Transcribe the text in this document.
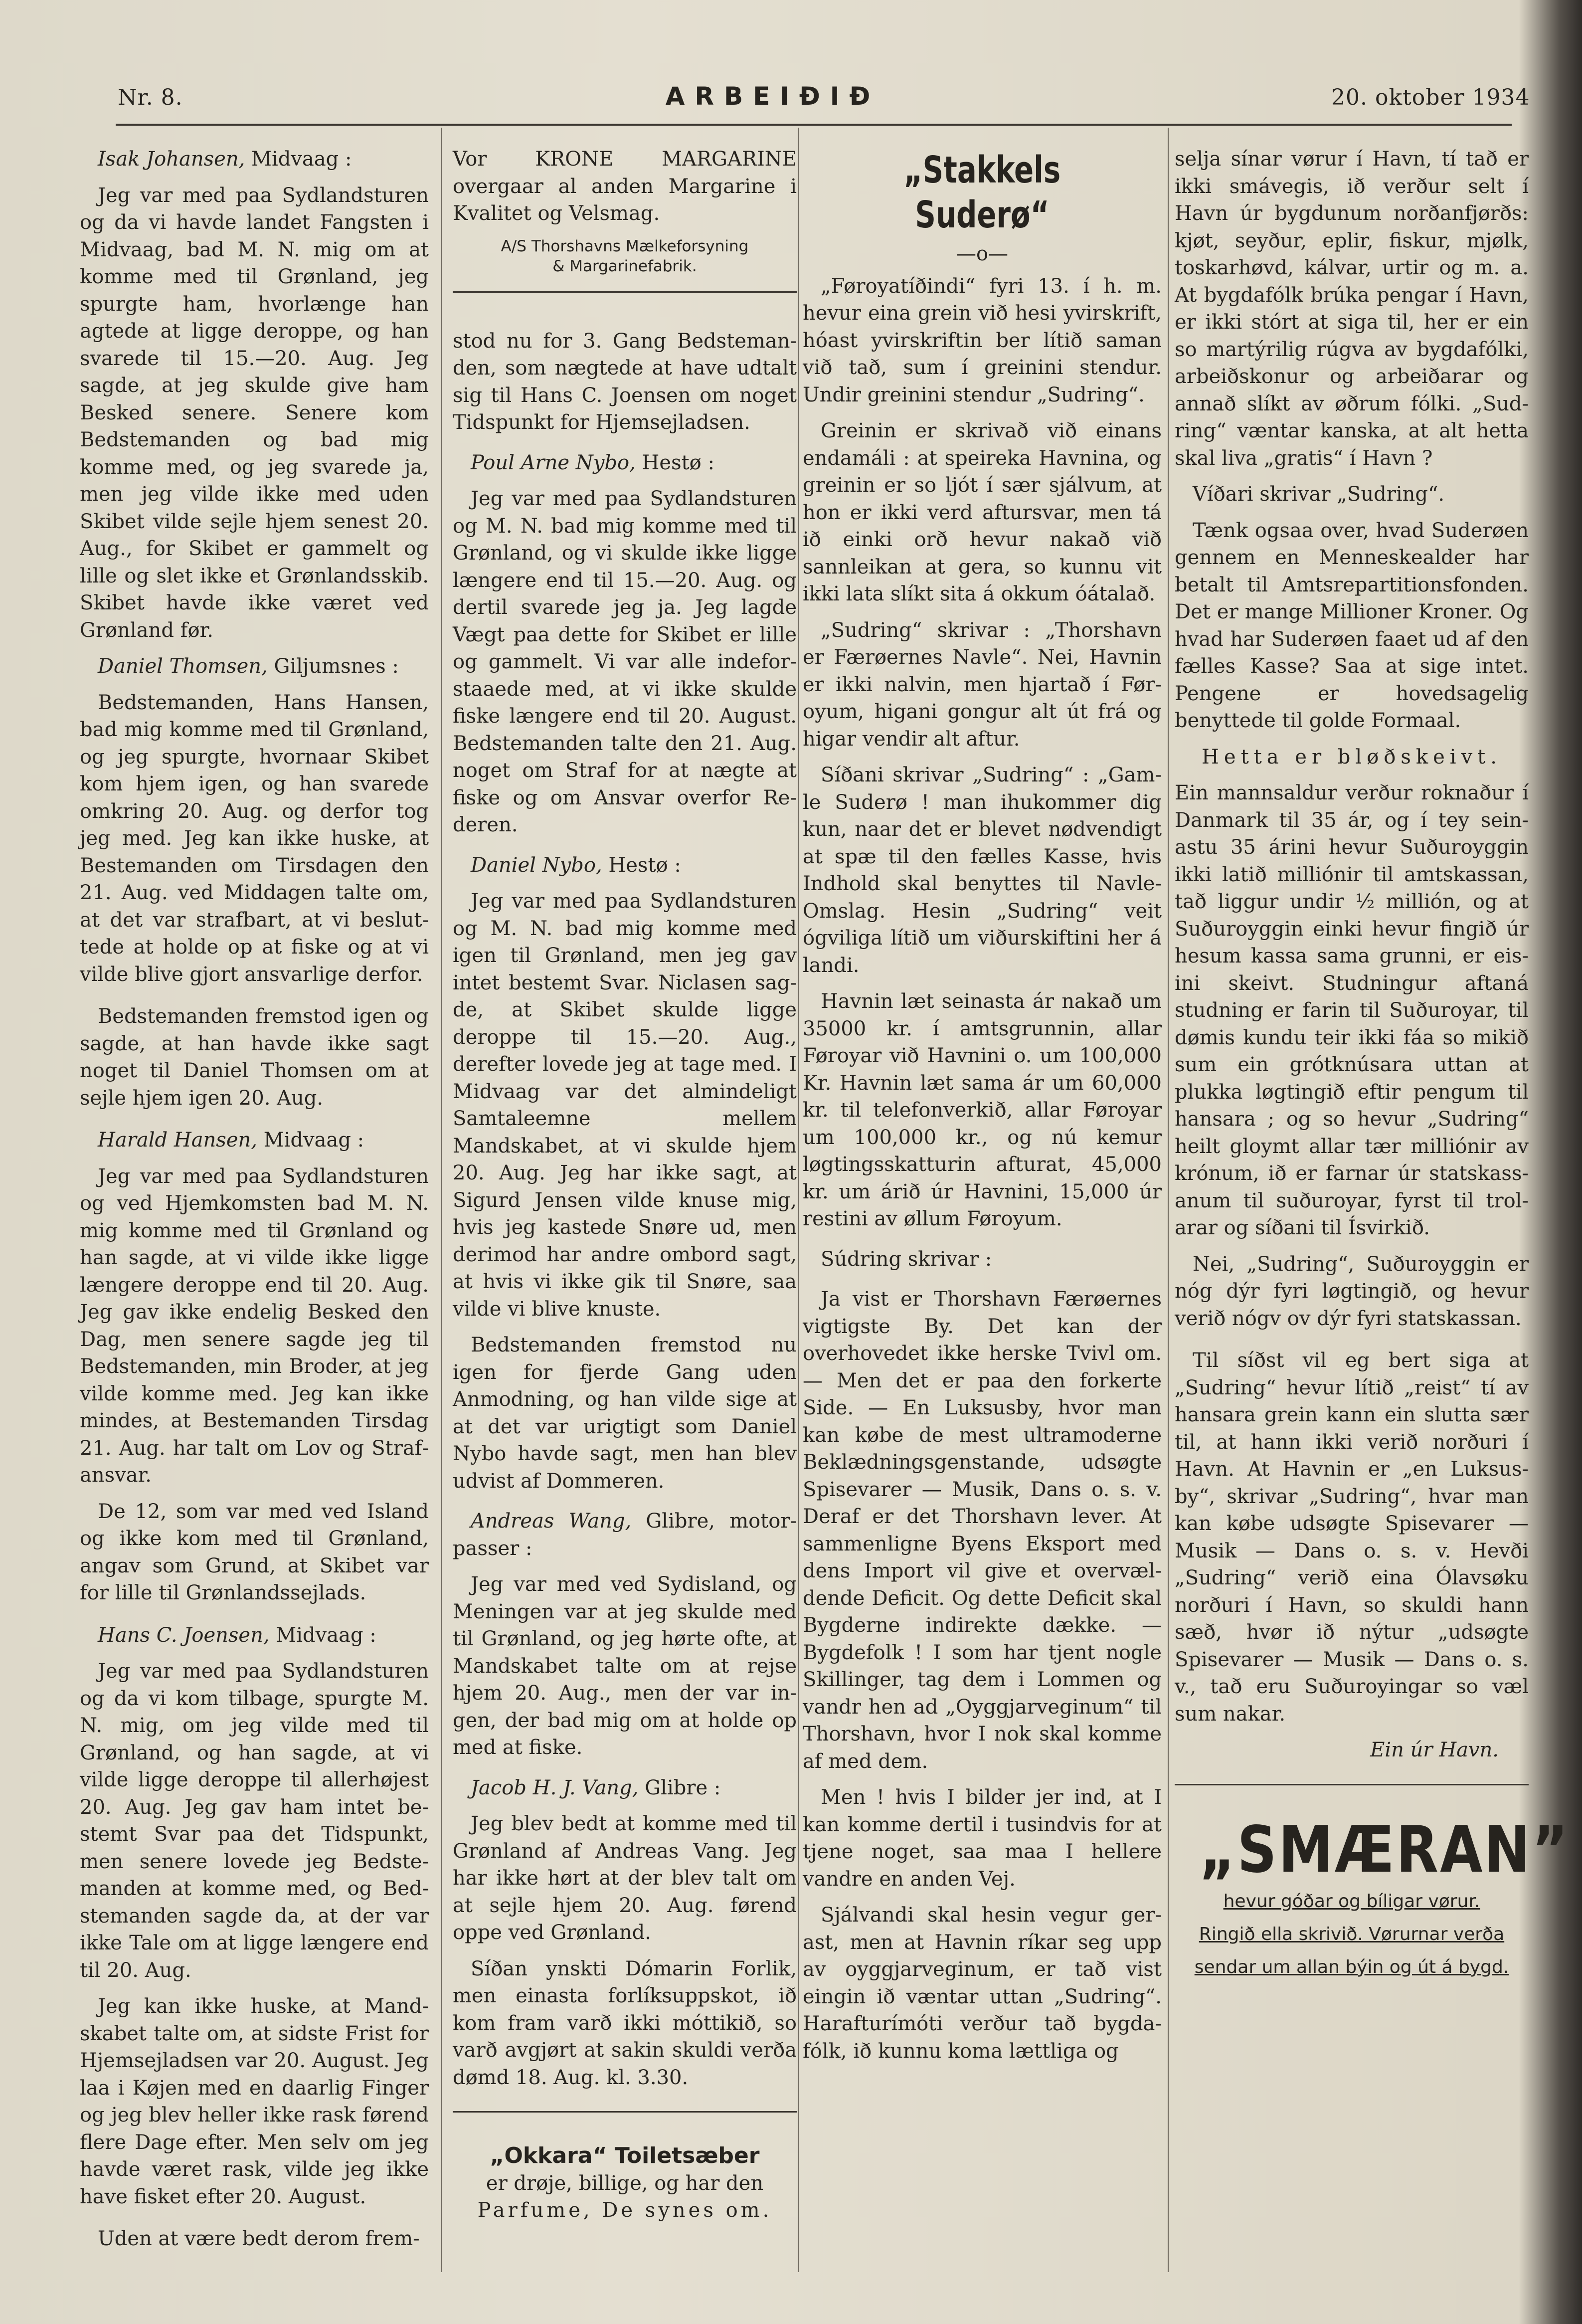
Nr. 8.	ARBEIÐIÐ	20. oktober 1934

Isak Johansen, Midvaag :

Jeg var med paa Sydlandsturen og da vi havde landet Fangsten i Midvaag, bad M. N. mig om at komme med til Grønland, jeg spurgte ham, hvorlænge han agtede at ligge deroppe, og han svarede til 15.—20. Aug. Jeg sagde, at jeg skulde give ham Besked senere. Senere kom Bedstemanden og bad mig komme med, og jeg svarede ja, men jeg vilde ikke med uden Skibet vilde sejle hjem senest 20. Aug., for Skibet er gammelt og lille og slet ikke et Grønlandsskib. Skibet havde ikke været ved Grønland før.

Daniel Thomsen, Giljumsnes :

Bedstemanden, Hans Hansen, bad mig komme med til Grønland, og jeg spurgte, hvornaar Skibet kom hjem igen, og han svarede omkring 20. Aug. og derfor tog jeg med. Jeg kan ikke huske, at Bestemanden om Tirsdagen den 21. Aug. ved Middagen talte om, at det var strafbart, at vi besluttede at holde op at fiske og at vi vilde blive gjort ansvarlige derfor.

Bedstemanden fremstod igen og sagde, at han havde ikke sagt noget til Daniel Thomsen om at sejle hjem igen 20. Aug.

Harald Hansen, Midvaag :

Jeg var med paa Sydlandsturen og ved Hjemkomsten bad M. N. mig komme med til Grønland og han sagde, at vi vilde ikke ligge længere deroppe end til 20. Aug. Jeg gav ikke endelig Besked den Dag, men senere sagde jeg til Bedstemanden, min Broder, at jeg vilde komme med. Jeg kan ikke mindes, at Bestemanden Tirsdag 21. Aug. har talt om Lov og Strafansvar.

De 12, som var med ved Island og ikke kom med til Grønland, angav som Grund, at Skibet var for lille til Grønlandssejlads.

Hans C. Joensen, Midvaag :

Jeg var med paa Sydlandsturen og da vi kom tilbage, spurgte M. N. mig, om jeg vilde med til Grønland, og han sagde, at vi vilde ligge deroppe til allerhøjest 20. Aug. Jeg gav ham intet bestemt Svar paa det Tidspunkt, men senere lovede jeg Bedstemanden at komme med, og Bedstemanden sagde da, at der var ikke Tale om at ligge længere end til 20. Aug.

Jeg kan ikke huske, at Mandskabet talte om, at sidste Frist for Hjemsejladsen var 20. August. Jeg laa i Køjen med en daarlig Finger og jeg blev heller ikke rask førend flere Dage efter. Men selv om jeg havde været rask, vilde jeg ikke have fisket efter 20. August.

Uden at være bedt derom frem-

Vor KRONE MARGARINE overgaar al anden Margarine i Kvalitet og Velsmag.

A/S Thorshavns Mælkeforsyning
& Margarinefabrik.

stod nu for 3. Gang Bedstemanden, som nægtede at have udtalt sig til Hans C. Joensen om noget Tidspunkt for Hjemsejladsen.

Poul Arne Nybo, Hestø :

Jeg var med paa Sydlandsturen og M. N. bad mig komme med til Grønland, og vi skulde ikke ligge længere end til 15.—20. Aug. og dertil svarede jeg ja. Jeg lagde Vægt paa dette for Skibet er lille og gammelt. Vi var alle indeforstaaede med, at vi ikke skulde fiske længere end til 20. August. Bedstemanden talte den 21. Aug. noget om Straf for at nægte at fiske og om Ansvar overfor Rederen.

Daniel Nybo, Hestø :

Jeg var med paa Sydlandsturen og M. N. bad mig komme med igen til Grønland, men jeg gav intet bestemt Svar. Niclasen sagde, at Skibet skulde ligge deroppe til 15.—20. Aug., derefter lovede jeg at tage med. I Midvaag var det almindeligt Samtaleemne mellem Mandskabet, at vi skulde hjem 20. Aug. Jeg har ikke sagt, at Sigurd Jensen vilde knuse mig, hvis jeg kastede Snøre ud, men derimod har andre ombord sagt, at hvis vi ikke gik til Snøre, saa vilde vi blive knuste.

Bedstemanden fremstod nu igen for fjerde Gang uden Anmodning, og han vilde sige at at det var urigtigt som Daniel Nybo havde sagt, men han blev udvist af Dommeren.

Andreas Wang, Glibre, motorpasser :

Jeg var med ved Sydisland, og Meningen var at jeg skulde med til Grønland, og jeg hørte ofte, at Mandskabet talte om at rejse hjem 20. Aug., men der var ingen, der bad mig om at holde op med at fiske.

Jacob H. J. Vang, Glibre :

Jeg blev bedt at komme med til Grønland af Andreas Vang. Jeg har ikke hørt at der blev talt om at sejle hjem 20. Aug. førend oppe ved Grønland.

Síðan ynskti Dómarin Forlik, men einasta forlíksuppskot, ið kom fram varð ikki móttikið, so varð avgjørt at sakin skuldi verða dømd 18. Aug. kl. 3.30.

„Okkara“ Toiletsæber
er drøje, billige, og har den
Parfume, De synes om.
„Stakkels Suderø“
—o—

„Føroyatíðindi“ fyri 13. í h. m. hevur eina grein við hesi yvirskrift, hóast yvirskriftin ber lítið saman við tað, sum í greinini stendur. Undir greinini stendur „Sudring“.

Greinin er skrivað við einans endamáli : at speireka Havnina, og greinin er so ljót í sær sjálvum, at hon er ikki verd aftursvar, men tá ið einki orð hevur nakað við sannleikan at gera, so kunnu vit ikki lata slíkt sita á okkum óátalað.

„Sudring“ skrivar : „Thorshavn er Færøernes Navle“. Nei, Havnin er ikki nalvin, men hjartað í Føroyum, higani gongur alt út frá og higar vendir alt aftur.

Síðani skrivar „Sudring“ : „Gamle Suderø ! man ihukommer dig kun, naar det er blevet nødvendigt at spæ til den fælles Kasse, hvis Indhold skal benyttes til Navle-Omslag. Hesin „Sudring“ veit ógviliga lítið um viðurskiftini her á landi.

Havnin læt seinasta ár nakað um 35000 kr. í amtsgrunnin, allar Føroyar við Havnini o. um 100,000 Kr. Havnin læt sama ár um 60,000 kr. til telefonverkið, allar Føroyar um 100,000 kr., og nú kemur løgtingsskatturin afturat, 45,000 kr. um árið úr Havnini, 15,000 úr restini av øllum Føroyum.

Súdring skrivar :

Ja vist er Thorshavn Færøernes vigtigste By. Det kan der overhovedet ikke herske Tvivl om. — Men det er paa den forkerte Side. — En Luksusby, hvor man kan købe de mest ultramoderne Beklædningsgenstande, udsøgte Spisevarer — Musik, Dans o. s. v. Deraf er det Thorshavn lever. At sammenligne Byens Eksport med dens Import vil give et overvældende Deficit. Og dette Deficit skal Bygderne indirekte dække. — Bygdefolk ! I som har tjent nogle Skillinger, tag dem i Lommen og vandr hen ad „Oyggjarveginum“ til Thorshavn, hvor I nok skal komme af med dem.

Men ! hvis I bilder jer ind, at I kan komme dertil i tusindvis for at tjene noget, saa maa I hellere vandre en anden Vej.

Sjálvandi skal hesin vegur gerast, men at Havnin ríkar seg upp av oyggjarveginum, er tað vist eingin ið væntar uttan „Sudring“. Harafturímóti verður tað bygdafólk, ið kunnu koma lættliga og

selja sínar vørur í Havn, tí tað er ikki smávegis, ið verður selt í Havn úr bygdunum norðanfjørðs: kjøt, seyður, eplir, fiskur, mjølk, toskarhøvd, kálvar, urtir og m. a. At bygdafólk brúka pengar í Havn, er ikki stórt at siga til, her er ein so martýrilig rúgva av bygdafólki, arbeiðskonur og arbeiðarar og annað slíkt av øðrum fólki. „Sudring“ væntar kanska, at alt hetta skal liva „gratis“ í Havn ?

Víðari skrivar „Sudring“.

Tænk ogsaa over, hvad Suderøen gennem en Menneskealder har betalt til Amtsrepartitionsfonden. Det er mange Millioner Kroner. Og hvad har Suderøen faaet ud af den fælles Kasse? Saa at sige intet. Pengene er hovedsagelig benyttede til golde Formaal.

Hetta er bløðskeivt.

Ein mannsaldur verður roknaður í Danmark til 35 ár, og í tey seinastu 35 árini hevur Suðuroyggin ikki latið milliónir til amtskassan, tað liggur undir ½ millión, og at Suðuroyggin einki hevur fingið úr hesum kassa sama grunni, er eisini skeivt. Studningur aftaná studning er farin til Suðuroyar, til dømis kundu teir ikki fáa so mikið sum ein grótknúsara uttan at plukka løgtingið eftir pengum til hansara ; og so hevur „Sudring“ heilt gloymt allar tær milliónir av krónum, ið er farnar úr statskassanum til suðuroyar, fyrst til trolarar og síðani til Ísvirkið.

Nei, „Sudring“, Suðuroyggin er nóg dýr fyri løgtingið, og hevur verið nógv ov dýr fyri statskassan.

Til síðst vil eg bert siga at „Sudring“ hevur lítið „reist“ tí av hansara grein kann ein slutta sær til, at hann ikki verið norðuri í Havn. At Havnin er „en Luksusby“, skrivar „Sudring“, hvar man kan købe udsøgte Spisevarer — Musik — Dans o. s. v. Hevði „Sudring“ verið eina Ólavsøku norðuri í Havn, so skuldi hann sæð, hvør ið nýtur „udsøgte Spisevarer — Musik — Dans o. s. v., tað eru Suðuroyingar so væl sum nakar.

Ein úr Havn.

„SMÆRAN”
hevur góðar og bíligar vørur.
Ringið ella skrivið. Vørurnar verða
sendar um allan býin og út á bygd.
